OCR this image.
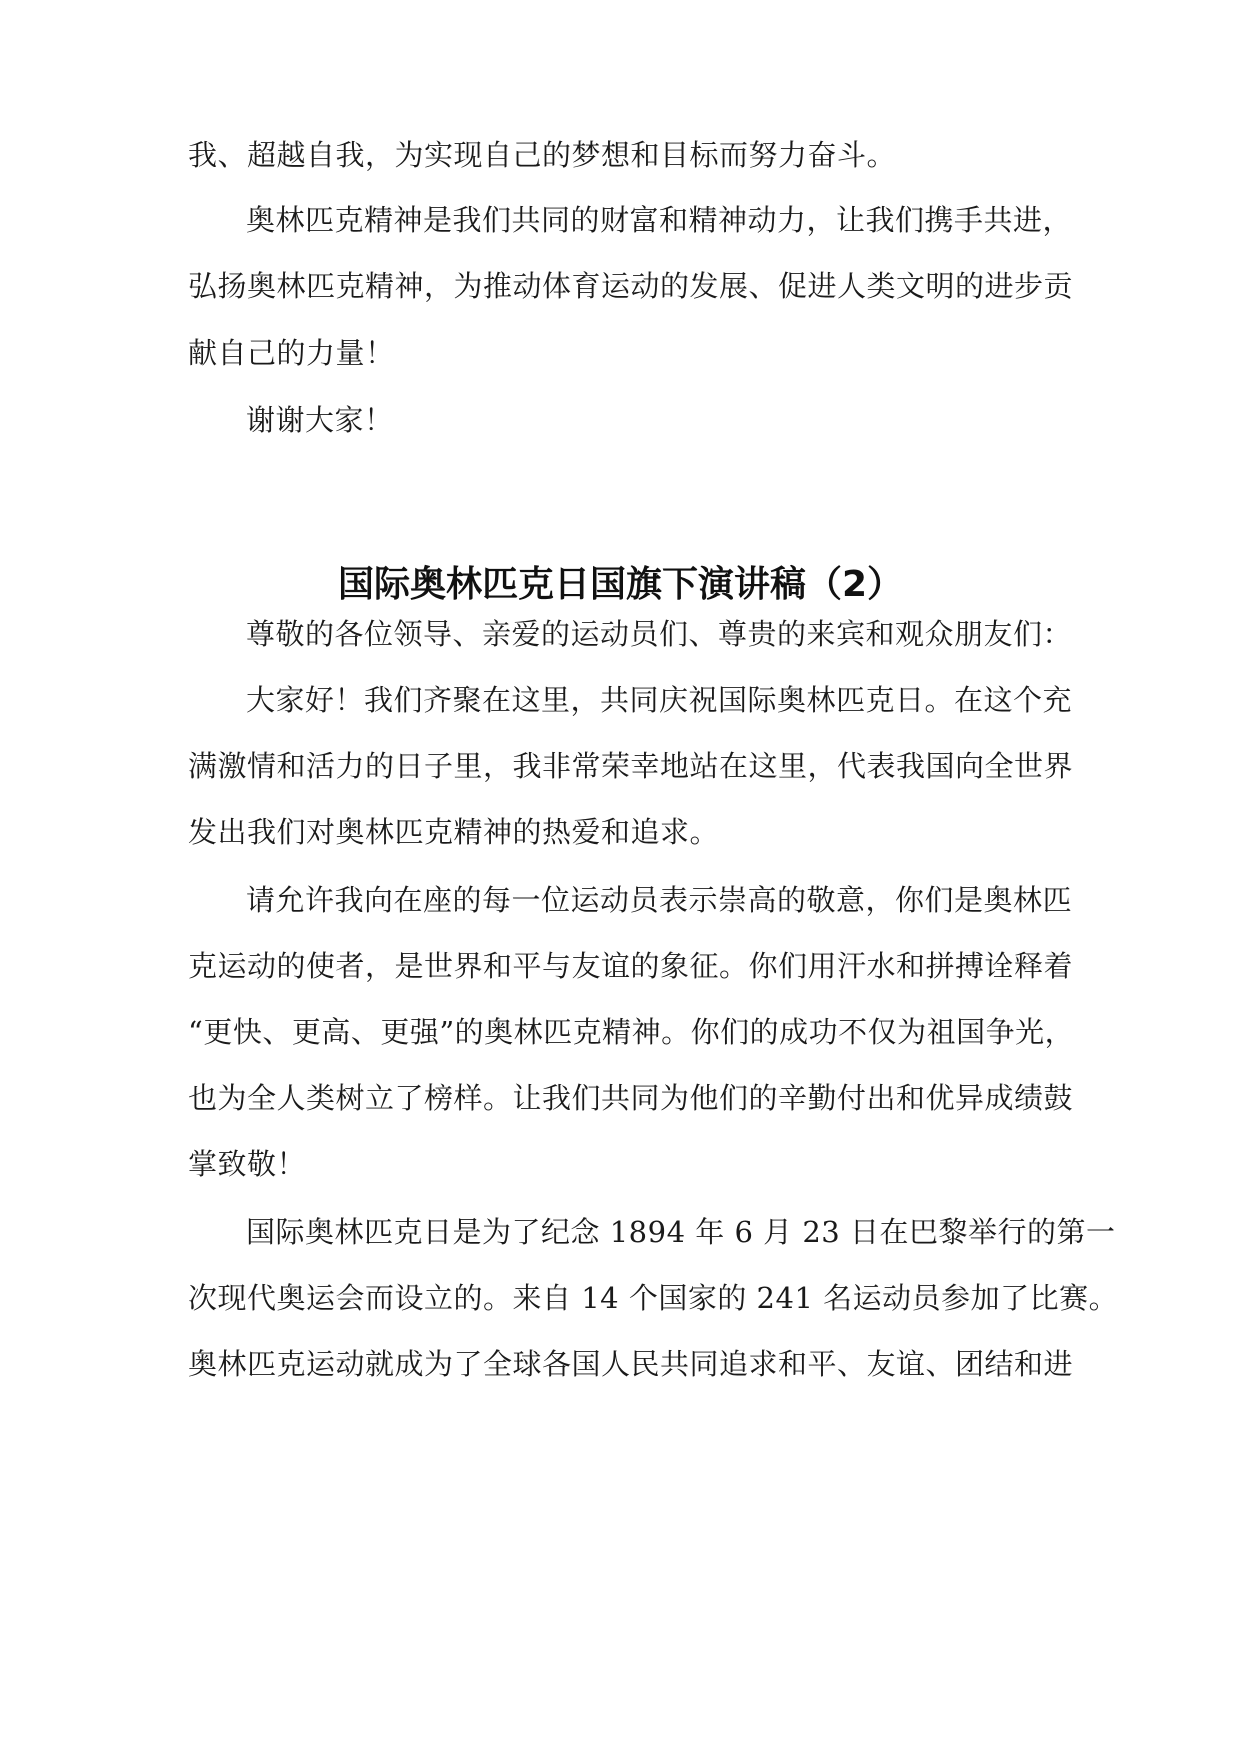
我、超越自我，为实现自己的梦想和目标而努力奋斗。
奥林匹克精神是我们共同的财富和精神动力，让我们携手共进，
弘扬奥林匹克精神，为推动体育运动的发展、促进人类文明的进步贡
献自己的力量！
谢谢大家！
国际奥林匹克日国旗下演讲稿（2）
尊敬的各位领导、亲爱的运动员们、尊贵的来宾和观众朋友们：
大家好！我们齐聚在这里，共同庆祝国际奥林匹克日。在这个充
满激情和活力的日子里，我非常荣幸地站在这里，代表我国向全世界
发出我们对奥林匹克精神的热爱和追求。
请允许我向在座的每一位运动员表示崇高的敬意，你们是奥林匹
克运动的使者，是世界和平与友谊的象征。你们用汗水和拼搏诠释着
“更快、更高、更强”的奥林匹克精神。你们的成功不仅为祖国争光，
也为全人类树立了榜样。让我们共同为他们的辛勤付出和优异成绩鼓
掌致敬！
国际奥林匹克日是为了纪念 1894 年 6 月 23 日在巴黎举行的第一
次现代奥运会而设立的。来自 14 个国家的 241 名运动员参加了比赛。
奥林匹克运动就成为了全球各国人民共同追求和平、友谊、团结和进
